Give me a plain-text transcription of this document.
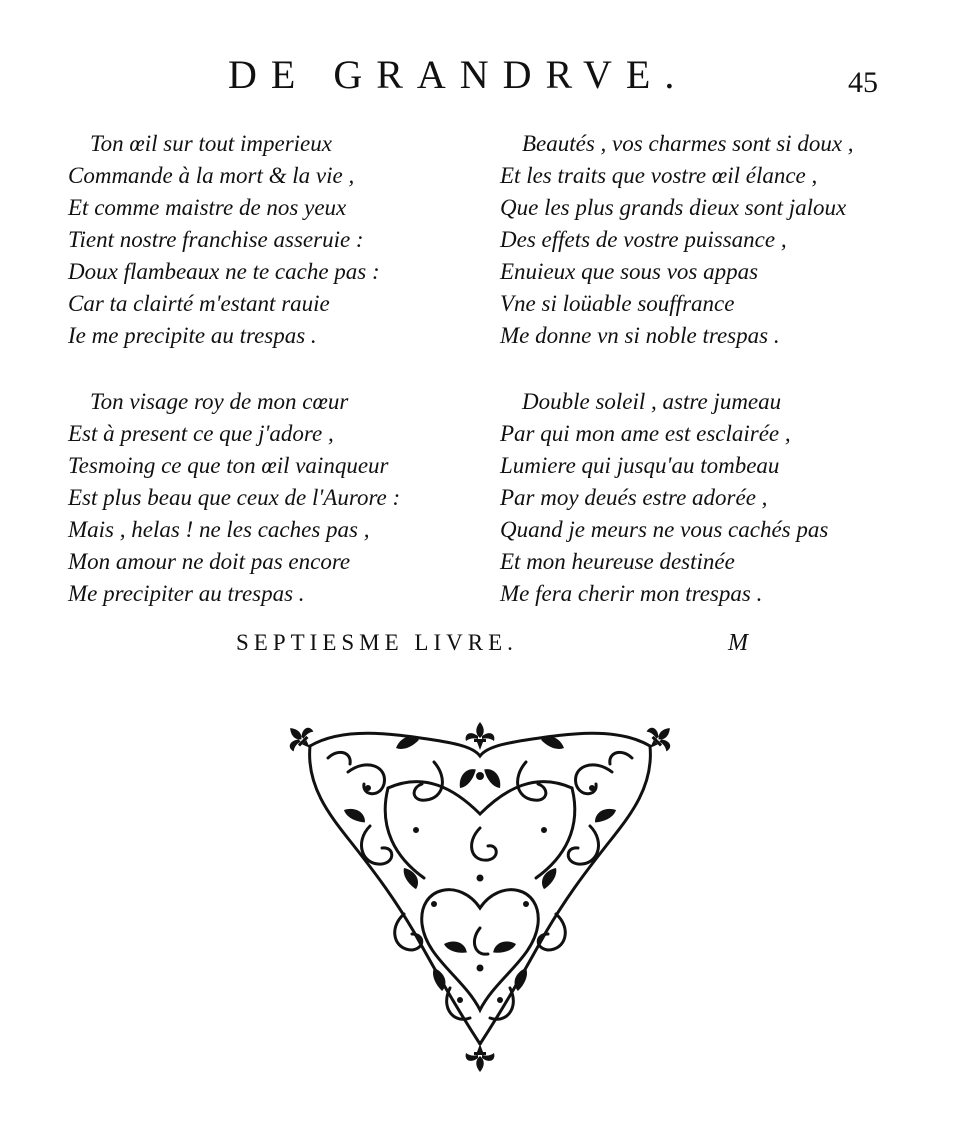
DE GRANDRVE.	45
Ton œil sur tout imperieux
Commande à la mort & la vie ,
Et comme maistre de nos yeux
Tient nostre franchise asseruie :
Doux flambeaux ne te cache pas :
Car ta clairté m'estant rauie
Ie me precipite au trespas .
Ton visage roy de mon cœur
Est à present ce que j'adore ,
Tesmoing ce que ton œil vainqueur
Est plus beau que ceux de l'Aurore :
Mais , helas ! ne les caches pas ,
Mon amour ne doit pas encore
Me precipiter au trespas .
Beautés , vos charmes sont si doux ,
Et les traits que vostre œil élance ,
Que les plus grands dieux sont jaloux
Des effets de vostre puissance ,
Enuieux que sous vos appas
Vne si loüable souffrance
Me donne vn si noble trespas .
Double soleil , astre jumeau
Par qui mon ame est esclairée ,
Lumiere qui jusqu'au tombeau
Par moy deués estre adorée ,
Quand je meurs ne vous cachés pas
Et mon heureuse destinée
Me fera cherir mon trespas .
SEPTIESME LIVRE.	M
